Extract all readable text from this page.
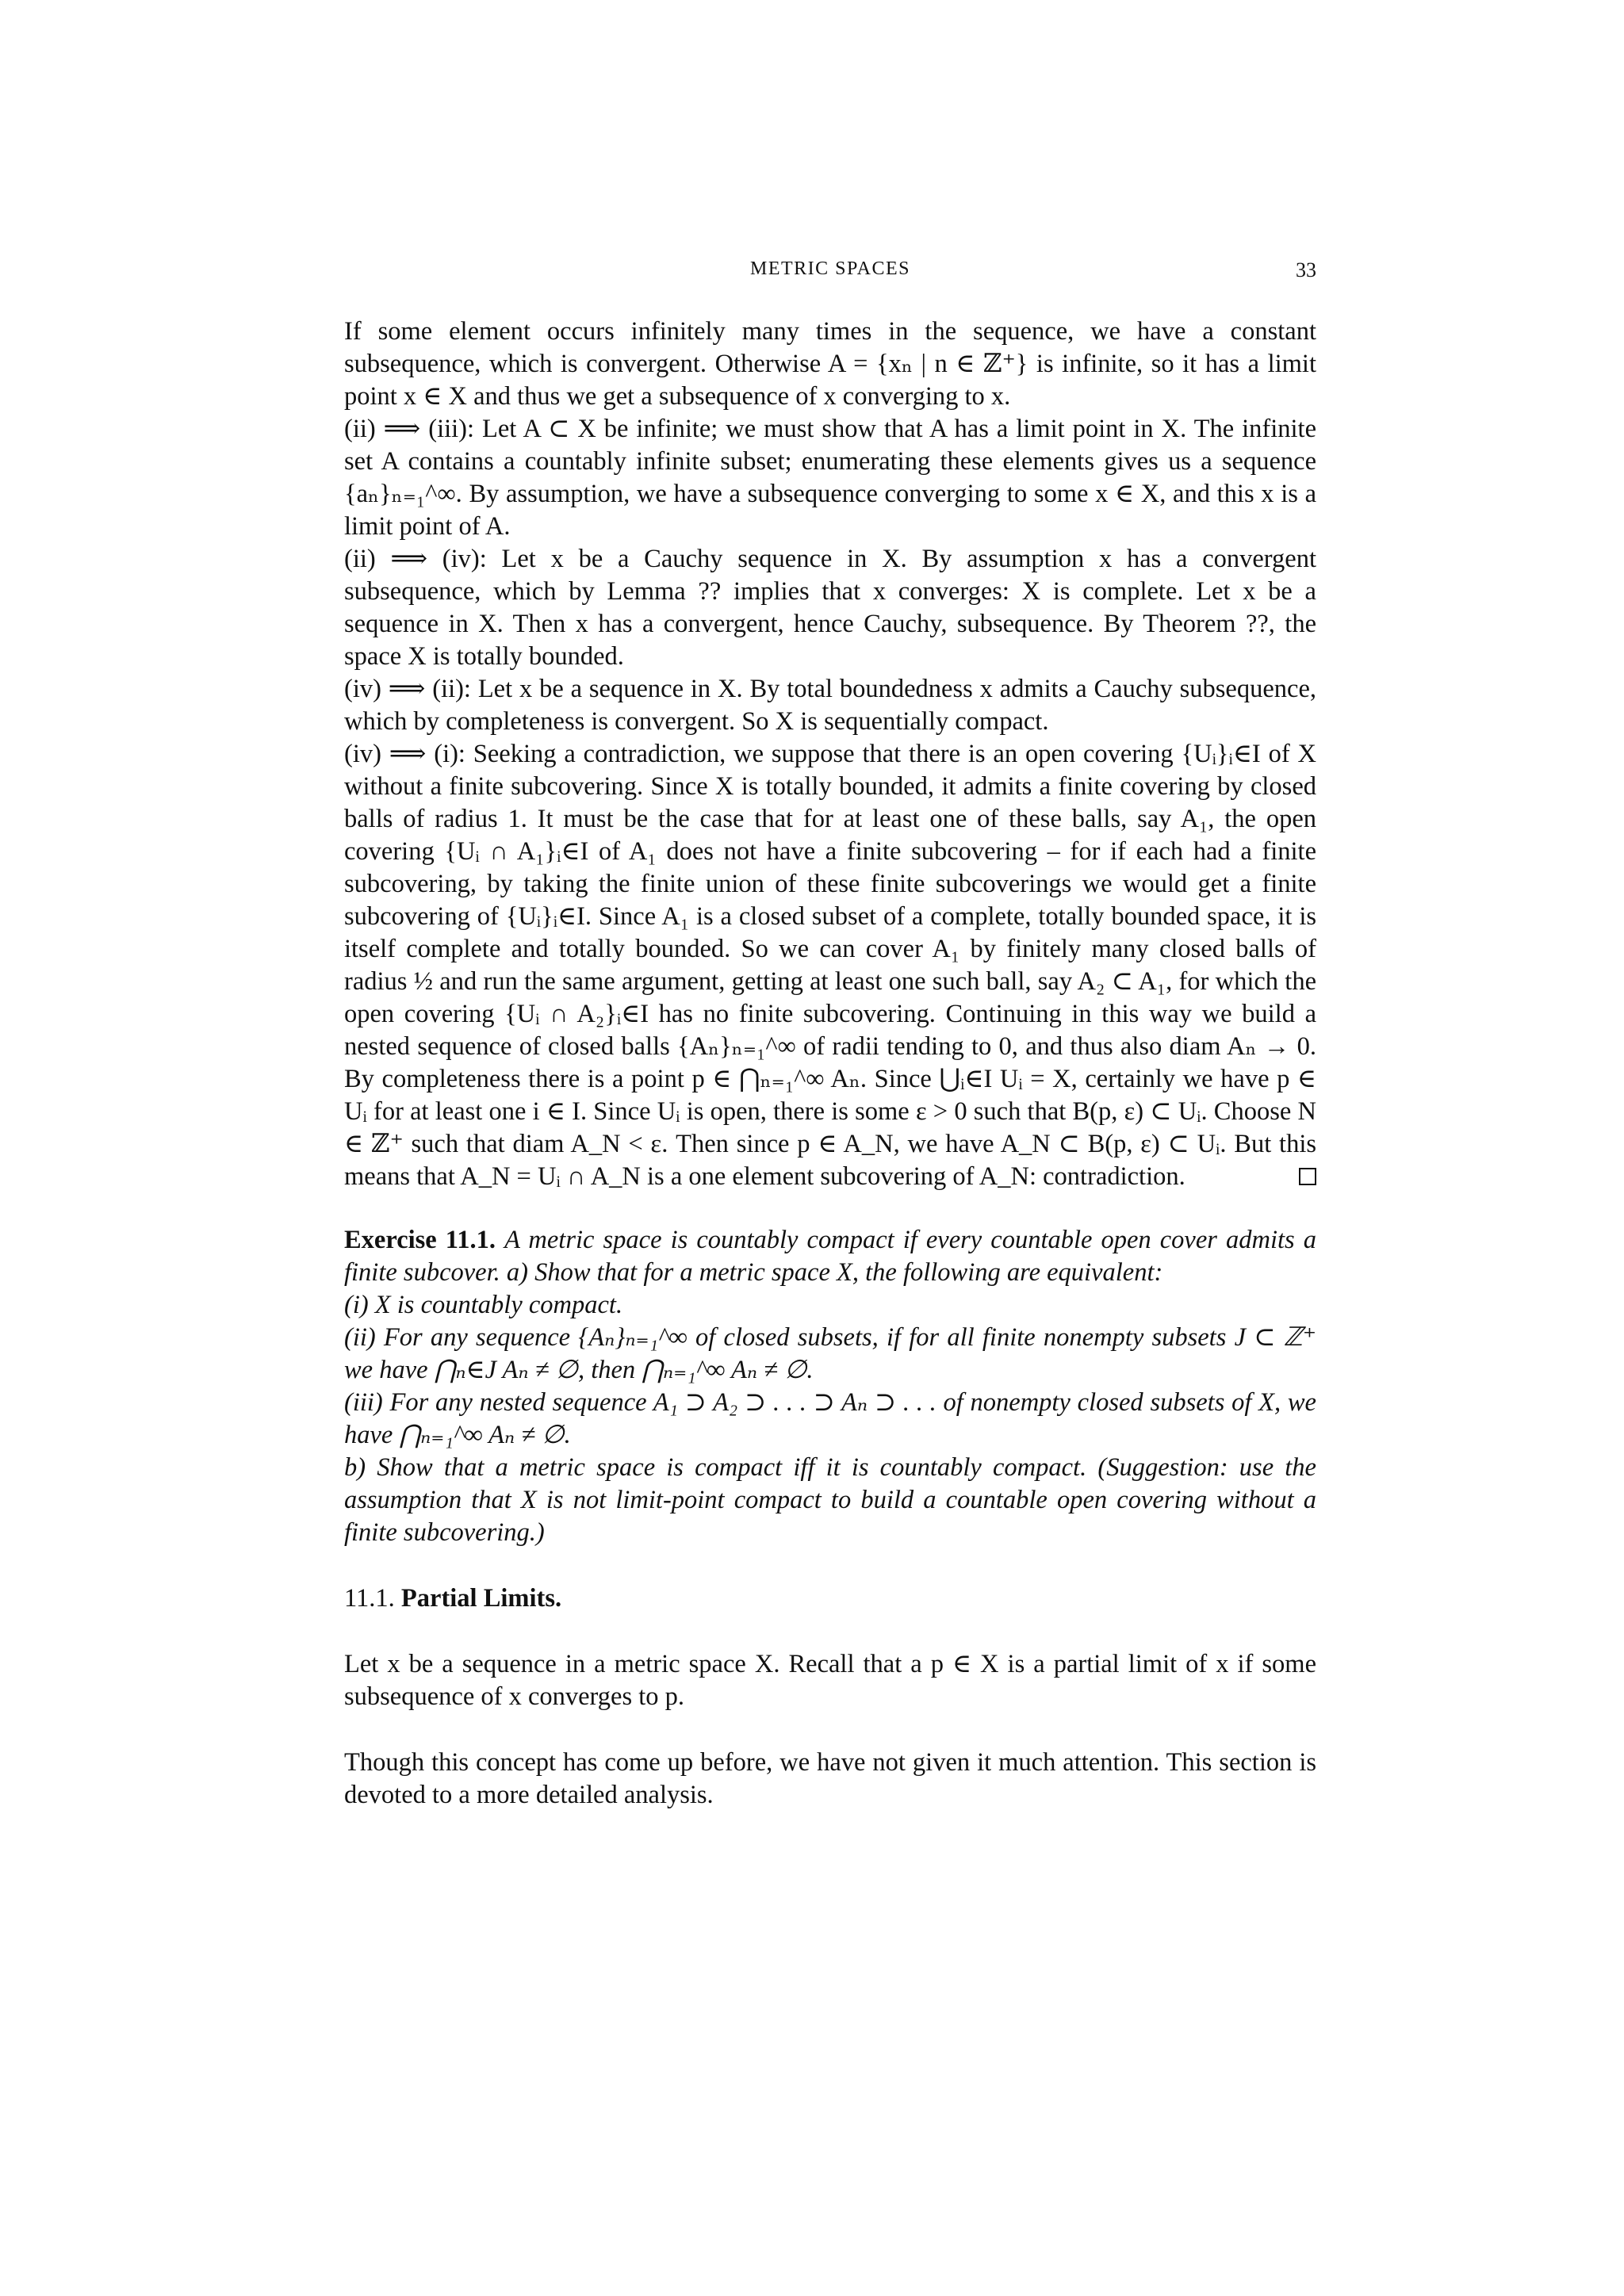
METRIC SPACES	33

If some element occurs infinitely many times in the sequence, we have a constant subsequence, which is convergent. Otherwise A = {xₙ | n ∈ ℤ⁺} is infinite, so it has a limit point x ∈ X and thus we get a subsequence of x converging to x.

(ii) ⟹ (iii): Let A ⊂ X be infinite; we must show that A has a limit point in X. The infinite set A contains a countably infinite subset; enumerating these elements gives us a sequence {aₙ}ₙ₌₁^∞. By assumption, we have a subsequence converging to some x ∈ X, and this x is a limit point of A.

(ii) ⟹ (iv): Let x be a Cauchy sequence in X. By assumption x has a convergent subsequence, which by Lemma ?? implies that x converges: X is complete. Let x be a sequence in X. Then x has a convergent, hence Cauchy, subsequence. By Theorem ??, the space X is totally bounded.

(iv) ⟹ (ii): Let x be a sequence in X. By total boundedness x admits a Cauchy subsequence, which by completeness is convergent. So X is sequentially compact.

(iv) ⟹ (i): Seeking a contradiction, we suppose that there is an open covering {Uᵢ}ᵢ∈I of X without a finite subcovering. Since X is totally bounded, it admits a finite covering by closed balls of radius 1. It must be the case that for at least one of these balls, say A₁, the open covering {Uᵢ ∩ A₁}ᵢ∈I of A₁ does not have a finite subcovering – for if each had a finite subcovering, by taking the finite union of these finite subcoverings we would get a finite subcovering of {Uᵢ}ᵢ∈I. Since A₁ is a closed subset of a complete, totally bounded space, it is itself complete and totally bounded. So we can cover A₁ by finitely many closed balls of radius ½ and run the same argument, getting at least one such ball, say A₂ ⊂ A₁, for which the open covering {Uᵢ ∩ A₂}ᵢ∈I has no finite subcovering. Continuing in this way we build a nested sequence of closed balls {Aₙ}ₙ₌₁^∞ of radii tending to 0, and thus also diam Aₙ → 0. By completeness there is a point p ∈ ⋂ₙ₌₁^∞ Aₙ. Since ⋃ᵢ∈I Uᵢ = X, certainly we have p ∈ Uᵢ for at least one i ∈ I. Since Uᵢ is open, there is some ε > 0 such that B(p, ε) ⊂ Uᵢ. Choose N ∈ ℤ⁺ such that diam A_N < ε. Then since p ∈ A_N, we have A_N ⊂ B(p, ε) ⊂ Uᵢ. But this means that A_N = Uᵢ ∩ A_N is a one element subcovering of A_N: contradiction.

Exercise 11.1. A metric space is countably compact if every countable open cover admits a finite subcover. a) Show that for a metric space X, the following are equivalent:

(i) X is countably compact.

(ii) For any sequence {Aₙ}ₙ₌₁^∞ of closed subsets, if for all finite nonempty subsets J ⊂ ℤ⁺ we have ⋂ₙ∈J Aₙ ≠ ∅, then ⋂ₙ₌₁^∞ Aₙ ≠ ∅.

(iii) For any nested sequence A₁ ⊃ A₂ ⊃ . . . ⊃ Aₙ ⊃ . . . of nonempty closed subsets of X, we have ⋂ₙ₌₁^∞ Aₙ ≠ ∅.

b) Show that a metric space is compact iff it is countably compact. (Suggestion: use the assumption that X is not limit-point compact to build a countable open covering without a finite subcovering.)

11.1. Partial Limits.

Let x be a sequence in a metric space X. Recall that a p ∈ X is a partial limit of x if some subsequence of x converges to p.

Though this concept has come up before, we have not given it much attention. This section is devoted to a more detailed analysis.
